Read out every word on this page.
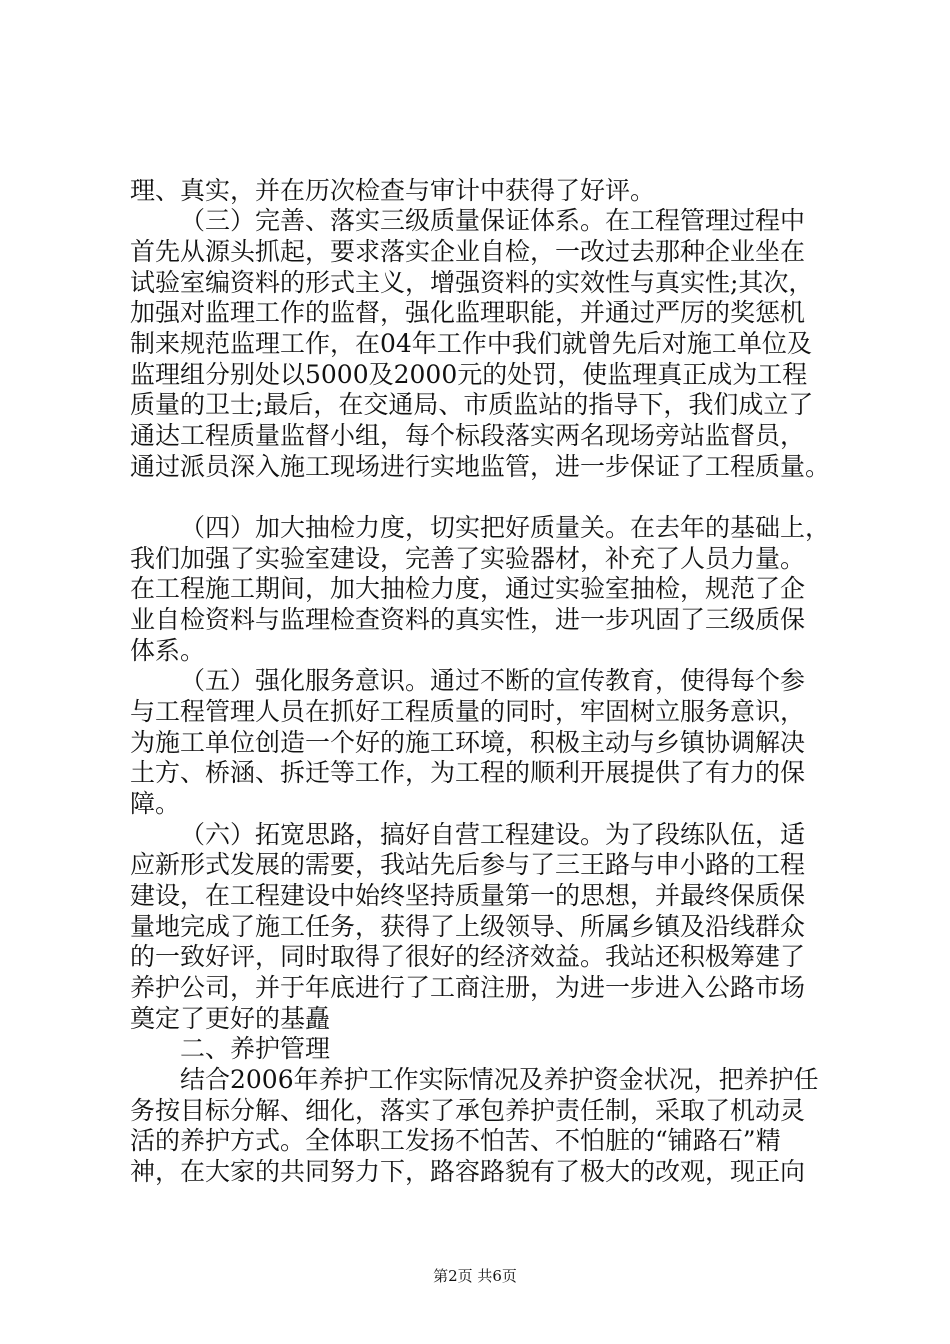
理、真实，并在历次检查与审计中获得了好评。
（三）完善、落实三级质量保证体系。在工程管理过程中
首先从源头抓起，要求落实企业自检，一改过去那种企业坐在
试验室编资料的形式主义，增强资料的实效性与真实性;其次，
加强对监理工作的监督，强化监理职能，并通过严厉的奖惩机
制来规范监理工作，在04年工作中我们就曾先后对施工单位及
监理组分别处以5000及2000元的处罚，使监理真正成为工程
质量的卫士;最后，在交通局、市质监站的指导下，我们成立了
通达工程质量监督小组，每个标段落实两名现场旁站监督员，
通过派员深入施工现场进行实地监管，进一步保证了工程质量。
（四）加大抽检力度，切实把好质量关。在去年的基础上，
我们加强了实验室建设，完善了实验器材，补充了人员力量。
在工程施工期间，加大抽检力度，通过实验室抽检，规范了企
业自检资料与监理检查资料的真实性，进一步巩固了三级质保
体系。
（五）强化服务意识。通过不断的宣传教育，使得每个参
与工程管理人员在抓好工程质量的同时，牢固树立服务意识，
为施工单位创造一个好的施工环境，积极主动与乡镇协调解决
土方、桥涵、拆迁等工作，为工程的顺利开展提供了有力的保
障。
（六）拓宽思路，搞好自营工程建设。为了段练队伍，适
应新形式发展的需要，我站先后参与了三王路与申小路的工程
建设，在工程建设中始终坚持质量第一的思想，并最终保质保
量地完成了施工任务，获得了上级领导、所属乡镇及沿线群众
的一致好评，同时取得了很好的经济效益。我站还积极筹建了
养护公司，并于年底进行了工商注册，为进一步进入公路市场
奠定了更好的基矗
二、养护管理
结合2006年养护工作实际情况及养护资金状况，把养护任
务按目标分解、细化，落实了承包养护责任制，采取了机动灵
活的养护方式。全体职工发扬不怕苦、不怕脏的“铺路石”精
神，在大家的共同努力下，路容路貌有了极大的改观，现正向
第2页 共6页
